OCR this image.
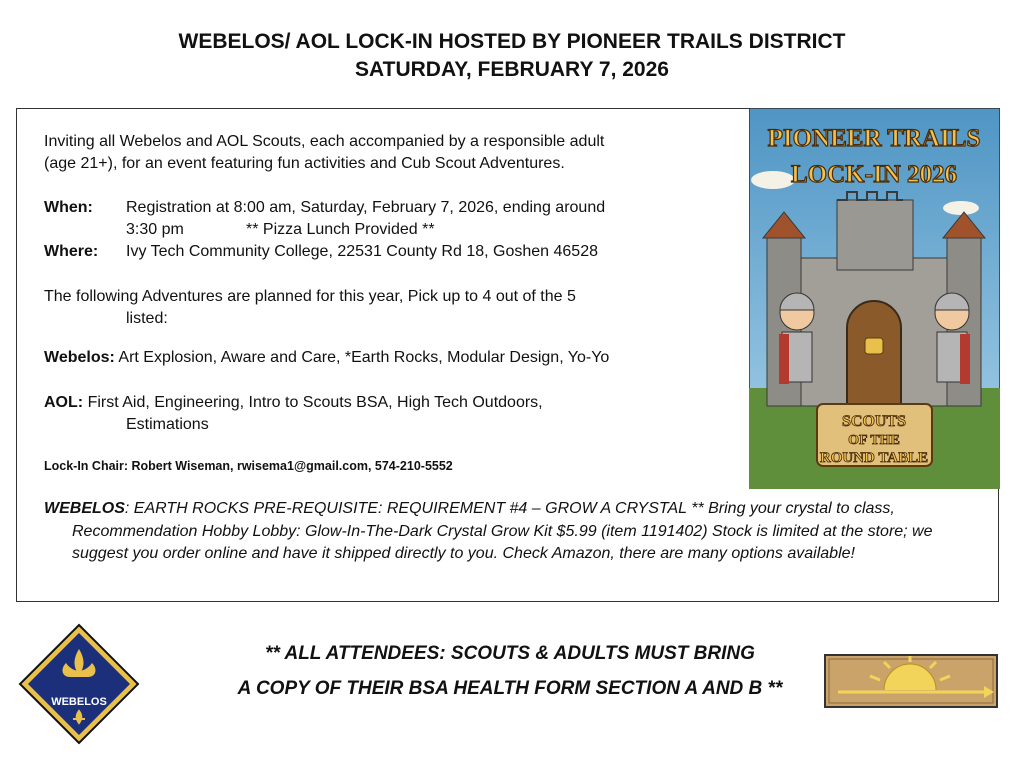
WEBELOS/ AOL LOCK-IN HOSTED BY PIONEER TRAILS DISTRICT
SATURDAY, FEBRUARY 7, 2026
Inviting all Webelos and AOL Scouts, each accompanied by a responsible adult
(age 21+), for an event featuring fun activities and Cub Scout Adventures.
When: Registration at 8:00 am, Saturday, February 7, 2026, ending around
3:30 pm	** Pizza Lunch Provided **
Where: Ivy Tech Community College, 22531 County Rd 18, Goshen 46528
The following Adventures are planned for this year, Pick up to 4 out of the 5
listed:
Webelos: Art Explosion, Aware and Care, *Earth Rocks, Modular Design, Yo-Yo
AOL: First Aid, Engineering, Intro to Scouts BSA, High Tech Outdoors,
Estimations
Lock-In Chair: Robert Wiseman, rwisema1@gmail.com, 574-210-5552
WEBELOS: EARTH ROCKS PRE-REQUISITE: REQUIREMENT #4 – GROW A CRYSTAL ** Bring your crystal to class, Recommendation Hobby Lobby: Glow-In-The-Dark Crystal Grow Kit $5.99 (item 1191402) Stock is limited at the store; we suggest you order online and have it shipped directly to you. Check Amazon, there are many options available!
PIONEER TRAILS
LOCK-IN 2026
SCOUTS
OF THE
ROUND TABLE
** ALL ATTENDEES: SCOUTS & ADULTS MUST BRING
A COPY OF THEIR BSA HEALTH FORM SECTION A AND B **
WEBELOS
